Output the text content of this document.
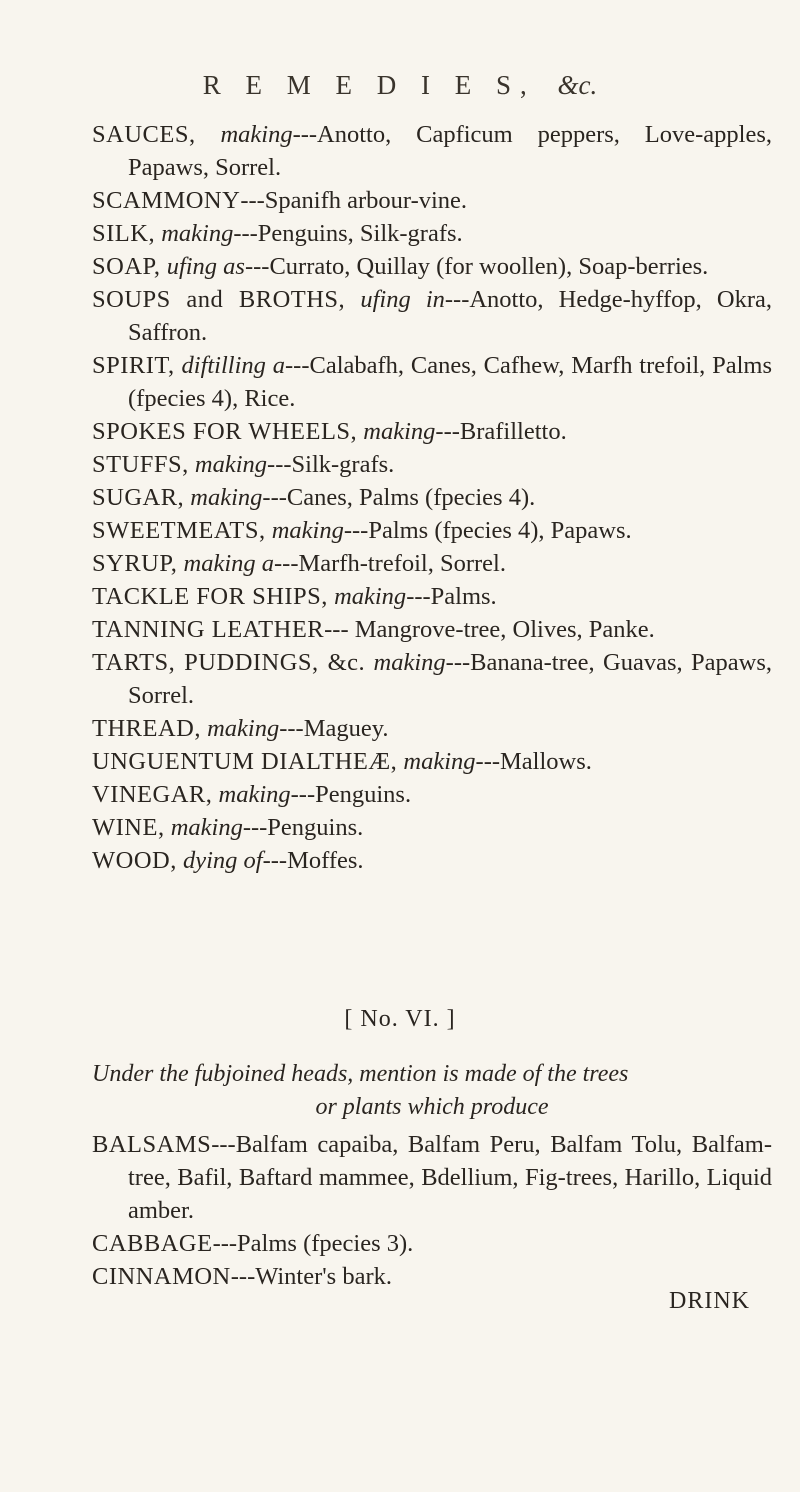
R E M E D I E S, &c.
SAUCES, making---Anotto, Capficum peppers, Love-apples, Papaws, Sorrel.
SCAMMONY---Spanifh arbour-vine.
SILK, making---Penguins, Silk-grafs.
SOAP, ufing as---Currato, Quillay (for woollen), Soap-berries.
SOUPS and BROTHS, ufing in---Anotto, Hedge-hyffop, Okra, Saffron.
SPIRIT, diftilling a---Calabafh, Canes, Cafhew, Marfh trefoil, Palms (fpecies 4), Rice.
SPOKES FOR WHEELS, making---Brafilletto.
STUFFS, making---Silk-grafs.
SUGAR, making---Canes, Palms (fpecies 4).
SWEETMEATS, making---Palms (fpecies 4), Papaws.
SYRUP, making a---Marfh-trefoil, Sorrel.
TACKLE FOR SHIPS, making---Palms.
TANNING LEATHER--- Mangrove-tree, Olives, Panke.
TARTS, PUDDINGS, &c. making---Banana-tree, Guavas, Papaws, Sorrel.
THREAD, making---Maguey.
UNGUENTUM DIALTHEÆ, making---Mallows.
VINEGAR, making---Penguins.
WINE, making---Penguins.
WOOD, dying of---Moffes.
[ No. VI. ]
Under the fubjoined heads, mention is made of the trees
or plants which produce
BALSAMS---Balfam capaiba, Balfam Peru, Balfam Tolu, Balfam-tree, Bafil, Baftard mammee, Bdellium, Fig-trees, Harillo, Liquid amber.
CABBAGE---Palms (fpecies 3).
CINNAMON---Winter's bark.
DRINK
